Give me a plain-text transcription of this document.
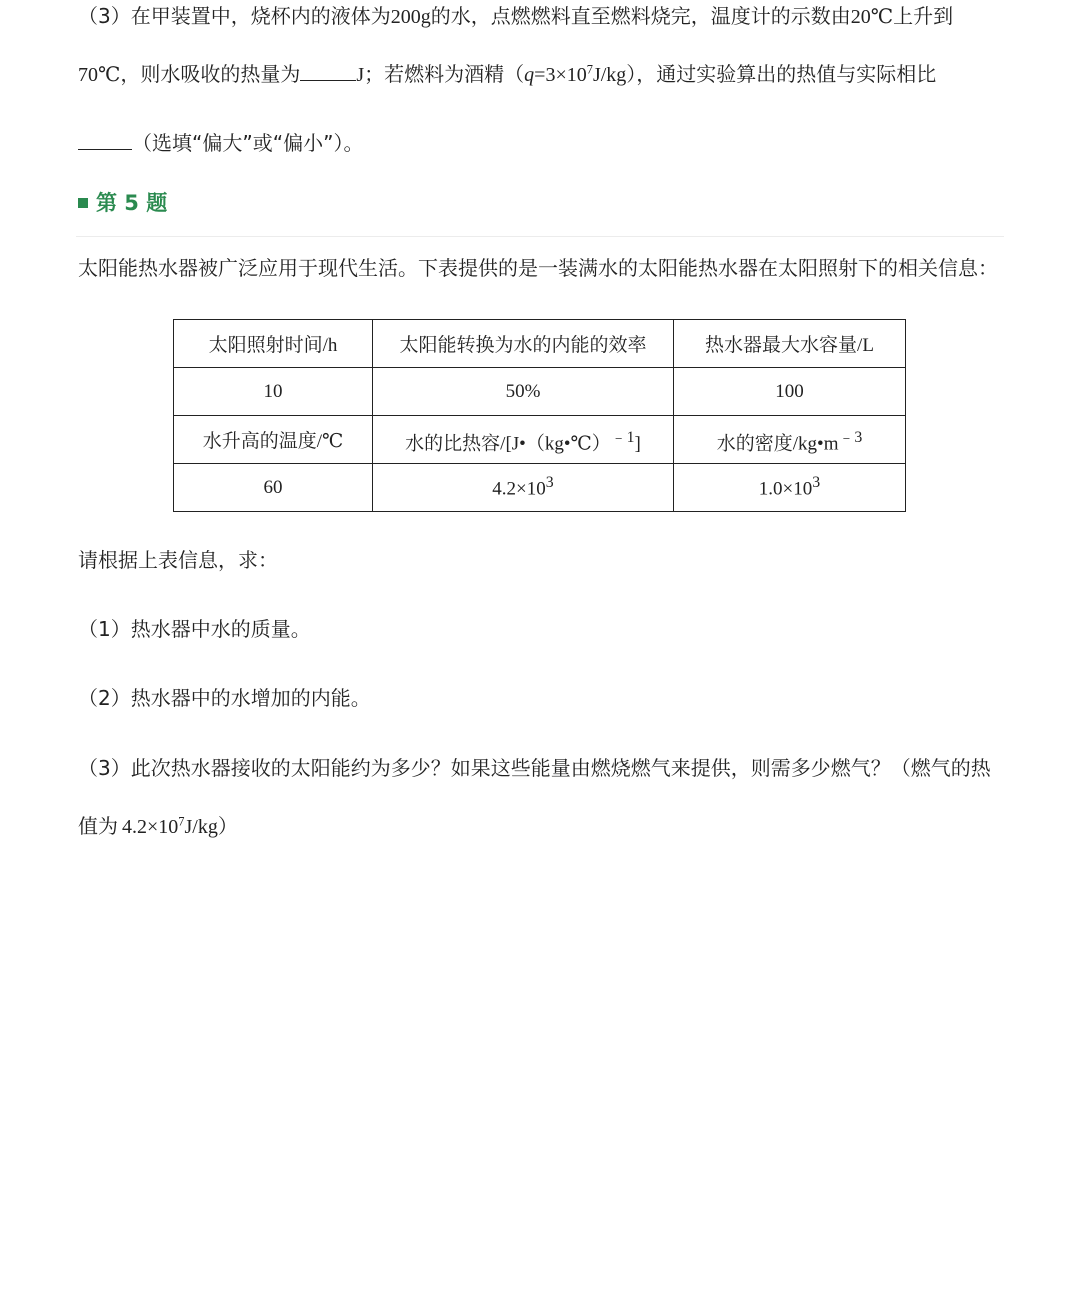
（3）在甲装置中，烧杯内的液体为200g的水，点燃燃料直至燃料烧完，温度计的示数由20℃上升到
70℃，则水吸收的热量为	J；若燃料为酒精$(q=3\times 10^7J/kg)$，通过实验算出的热值与实际相比
（选填“偏大”或“偏小”）。
第 5 题
太阳能热水器被广泛应用于现代生活。下表提供的是一装满水的太阳能热水器在太阳照射下的相关信息：
太阳照射时间/h	太阳能转换为水的内能的效率	热水器最大水容量/L
10	50%	100
水升高的温度/℃	水的比热容/[J•（kg•℃）$^{﹣1}$]	水的密度$/kg•m^{﹣3}$
60	$4.2\times 10^3$	$1.0\times 10^3$
请根据上表信息，求：
（1）热水器中水的质量。
（2）热水器中的水增加的内能。
（3）此次热水器接收的太阳能约为多少？如果这些能量由燃烧燃气来提供，则需多少燃气？（燃气的热
值为 $4.2\times 10^7J/kg$）
